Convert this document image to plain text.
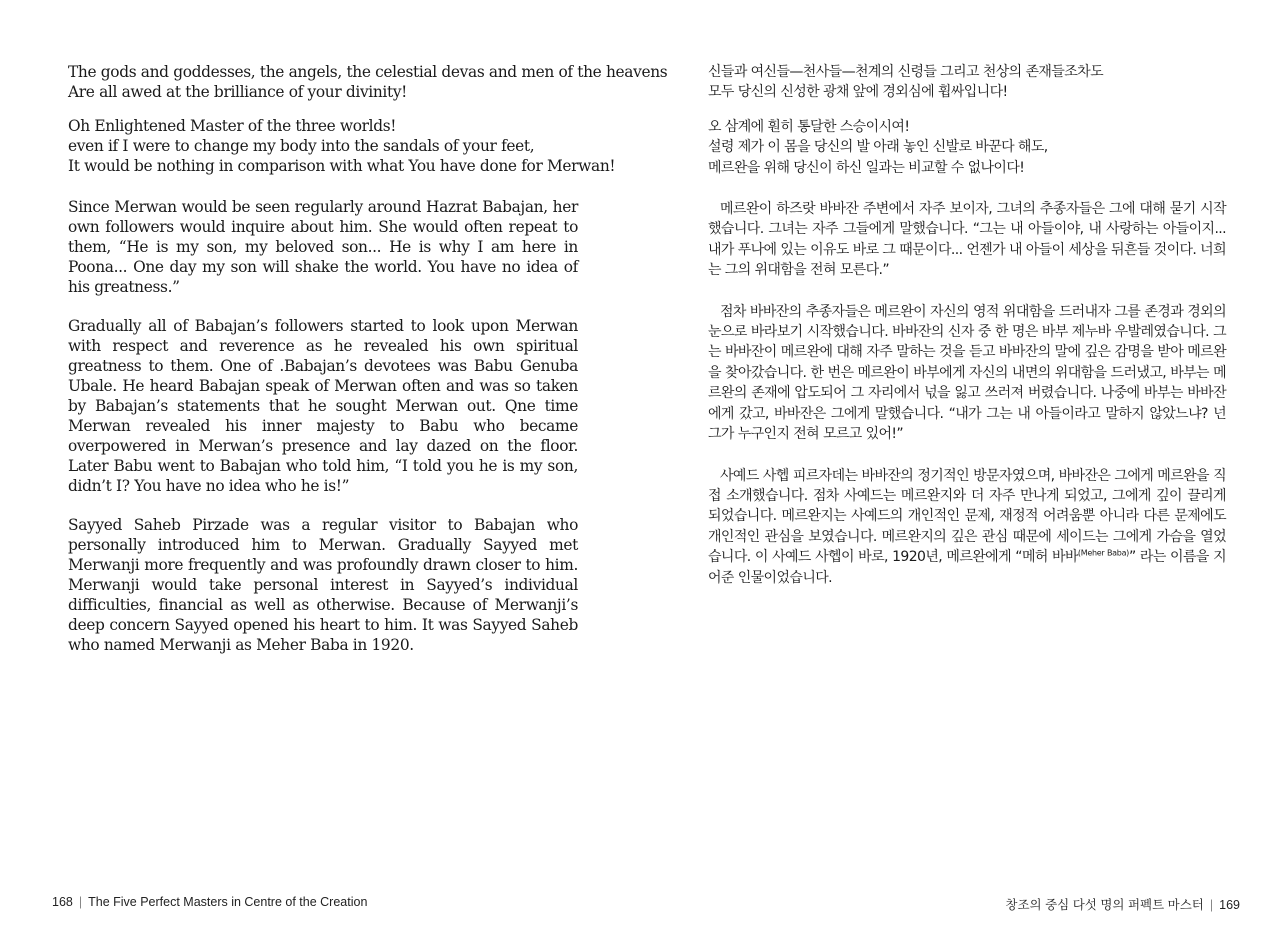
The gods and goddesses, the angels, the celestial devas and men of the heavens
Are all awed at the brilliance of your divinity!
Oh Enlightened Master of the three worlds!
even if I were to change my body into the sandals of your feet,
It would be nothing in comparison with what You have done for Merwan!

Since Merwan would be seen regularly around Hazrat Babajan, her own followers would inquire about him. She would often repeat to them, “He is my son, my beloved son... He is why I am here in Poona... One day my son will shake the world. You have no idea of his greatness.”

Gradually all of Babajan’s followers started to look upon Merwan with respect and reverence as he revealed his own spiritual greatness to them. One of .Babajan’s devotees was Babu Genuba Ubale. He heard Babajan speak of Merwan often and was so taken by Babajan’s statements that he sought Merwan out. Qne time Merwan revealed his inner majesty to Babu who became overpowered in Merwan’s presence and lay dazed on the floor. Later Babu went to Babajan who told him, “I told you he is my son, didn’t I? You have no idea who he is!”

Sayyed Saheb Pirzade was a regular visitor to Babajan who personally introduced him to Merwan. Gradually Sayyed met Merwanji more frequently and was profoundly drawn closer to him. Merwanji would take personal interest in Sayyed’s individual difficulties, financial as well as otherwise. Because of Merwanji’s deep concern Sayyed opened his heart to him. It was Sayyed Saheb who named Merwanji as Meher Baba in 1920.

168 | The Five Perfect Masters in Centre of the Creation
신들과 여신들—천사들—천계의 신령들 그리고 천상의 존재들조차도
모두 당신의 신성한 광채 앞에 경외심에 휩싸입니다!
오 삼계에 훤히 통달한 스승이시여!
설령 제가 이 몸을 당신의 발 아래 놓인 신발로 바꾼다 해도,
메르완을 위해 당신이 하신 일과는 비교할 수 없나이다!

메르완이 하즈랏 바바잔 주변에서 자주 보이자, 그녀의 추종자들은 그에 대해 묻기 시작했습니다. 그녀는 자주 그들에게 말했습니다. “그는 내 아들이야, 내 사랑하는 아들이지... 내가 푸나에 있는 이유도 바로 그 때문이다... 언젠가 내 아들이 세상을 뒤흔들 것이다. 너희는 그의 위대함을 전혀 모른다.”

점차 바바잔의 추종자들은 메르완이 자신의 영적 위대함을 드러내자 그를 존경과 경외의 눈으로 바라보기 시작했습니다. 바바잔의 신자 중 한 명은 바부 제누바 우발레였습니다. 그는 바바잔이 메르완에 대해 자주 말하는 것을 듣고 바바잔의 말에 깊은 감명을 받아 메르완을 찾아갔습니다. 한 번은 메르완이 바부에게 자신의 내면의 위대함을 드러냈고, 바부는 메르완의 존재에 압도되어 그 자리에서 넋을 잃고 쓰러져 버렸습니다. 나중에 바부는 바바잔에게 갔고, 바바잔은 그에게 말했습니다. “내가 그는 내 아들이라고 말하지 않았느냐? 넌 그가 누구인지 전혀 모르고 있어!”

사예드 사헵 피르자데는 바바잔의 정기적인 방문자였으며, 바바잔은 그에게 메르완을 직접 소개했습니다. 점차 사예드는 메르완지와 더 자주 만나게 되었고, 그에게 깊이 끌리게 되었습니다. 메르완지는 사예드의 개인적인 문제, 재정적 어려움뿐 아니라 다른 문제에도 개인적인 관심을 보였습니다. 메르완지의 깊은 관심 때문에 세이드는 그에게 가슴을 열었습니다. 이 사예드 사헵이 바로, 1920년, 메르완에게 “메허 바바$^{(Meher Baba)}$” 라는 이름을 지어준 인물이었습니다.

창조의 중심 다섯 명의 퍼펙트 마스터 | 169
